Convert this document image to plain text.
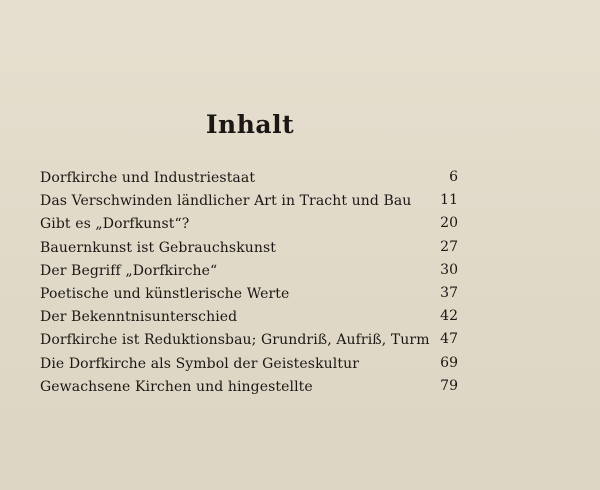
Inhalt
Dorfkirche und Industriestaat	6
Das Verschwinden ländlicher Art in Tracht und Bau 11
Gibt es „Dorfkunst“?	20
Bauernkunst ist Gebrauchskunst	27
Der Begriff „Dorfkirche“	30
Poetische und künstlerische Werte	37
Der Bekenntnisunterschied	42
Dorfkirche ist Reduktionsbau; Grundriß, Aufriß, Turm 47
Die Dorfkirche als Symbol der Geisteskultur	69
Gewachsene Kirchen und hingestellte	79
